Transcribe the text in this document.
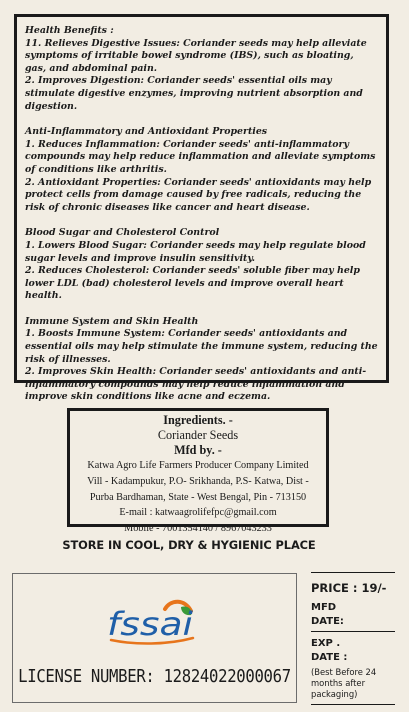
Health Benefits :

11. Relieves Digestive Issues: Coriander seeds may help alleviate symptoms of irritable bowel syndrome (IBS), such as bloating, gas, and abdominal pain.

2. Improves Digestion: Coriander seeds' essential oils may stimulate digestive enzymes, improving nutrient absorption and digestion.

Anti-Inflammatory and Antioxidant Properties

1. Reduces Inflammation: Coriander seeds' anti-inflammatory compounds may help reduce inflammation and alleviate symptoms of conditions like arthritis.

2. Antioxidant Properties: Coriander seeds' antioxidants may help protect cells from damage caused by free radicals, reducing the risk of chronic diseases like cancer and heart disease.

Blood Sugar and Cholesterol Control

1. Lowers Blood Sugar: Coriander seeds may help regulate blood sugar levels and improve insulin sensitivity.

2. Reduces Cholesterol: Coriander seeds' soluble fiber may help lower LDL (bad) cholesterol levels and improve overall heart health.

Immune System and Skin Health

1. Boosts Immune System: Coriander seeds' antioxidants and essential oils may help stimulate the immune system, reducing the risk of illnesses.

2. Improves Skin Health: Coriander seeds' antioxidants and anti-inflammatory compounds may help reduce inflammation and improve skin conditions like acne and eczema.

Ingredients. -
Coriander Seeds
Mfd by. -
Katwa Agro Life Farmers Producer Company Limited
Vill - Kadampukur, P.O- Srikhanda, P.S- Katwa, Dist -
Purba Bardhaman, State - West Bengal, Pin - 713150
E-mail : katwaagrolifefpc@gmail.com
Mobile - 7001354140 / 8967043233
STORE IN COOL, DRY & HYGIENIC PLACE
fssai
LICENSE NUMBER: 12824022000067
PRICE : 19/-
MFD
DATE:
EXP .
DATE :
(Best Before 24 months after packaging)
